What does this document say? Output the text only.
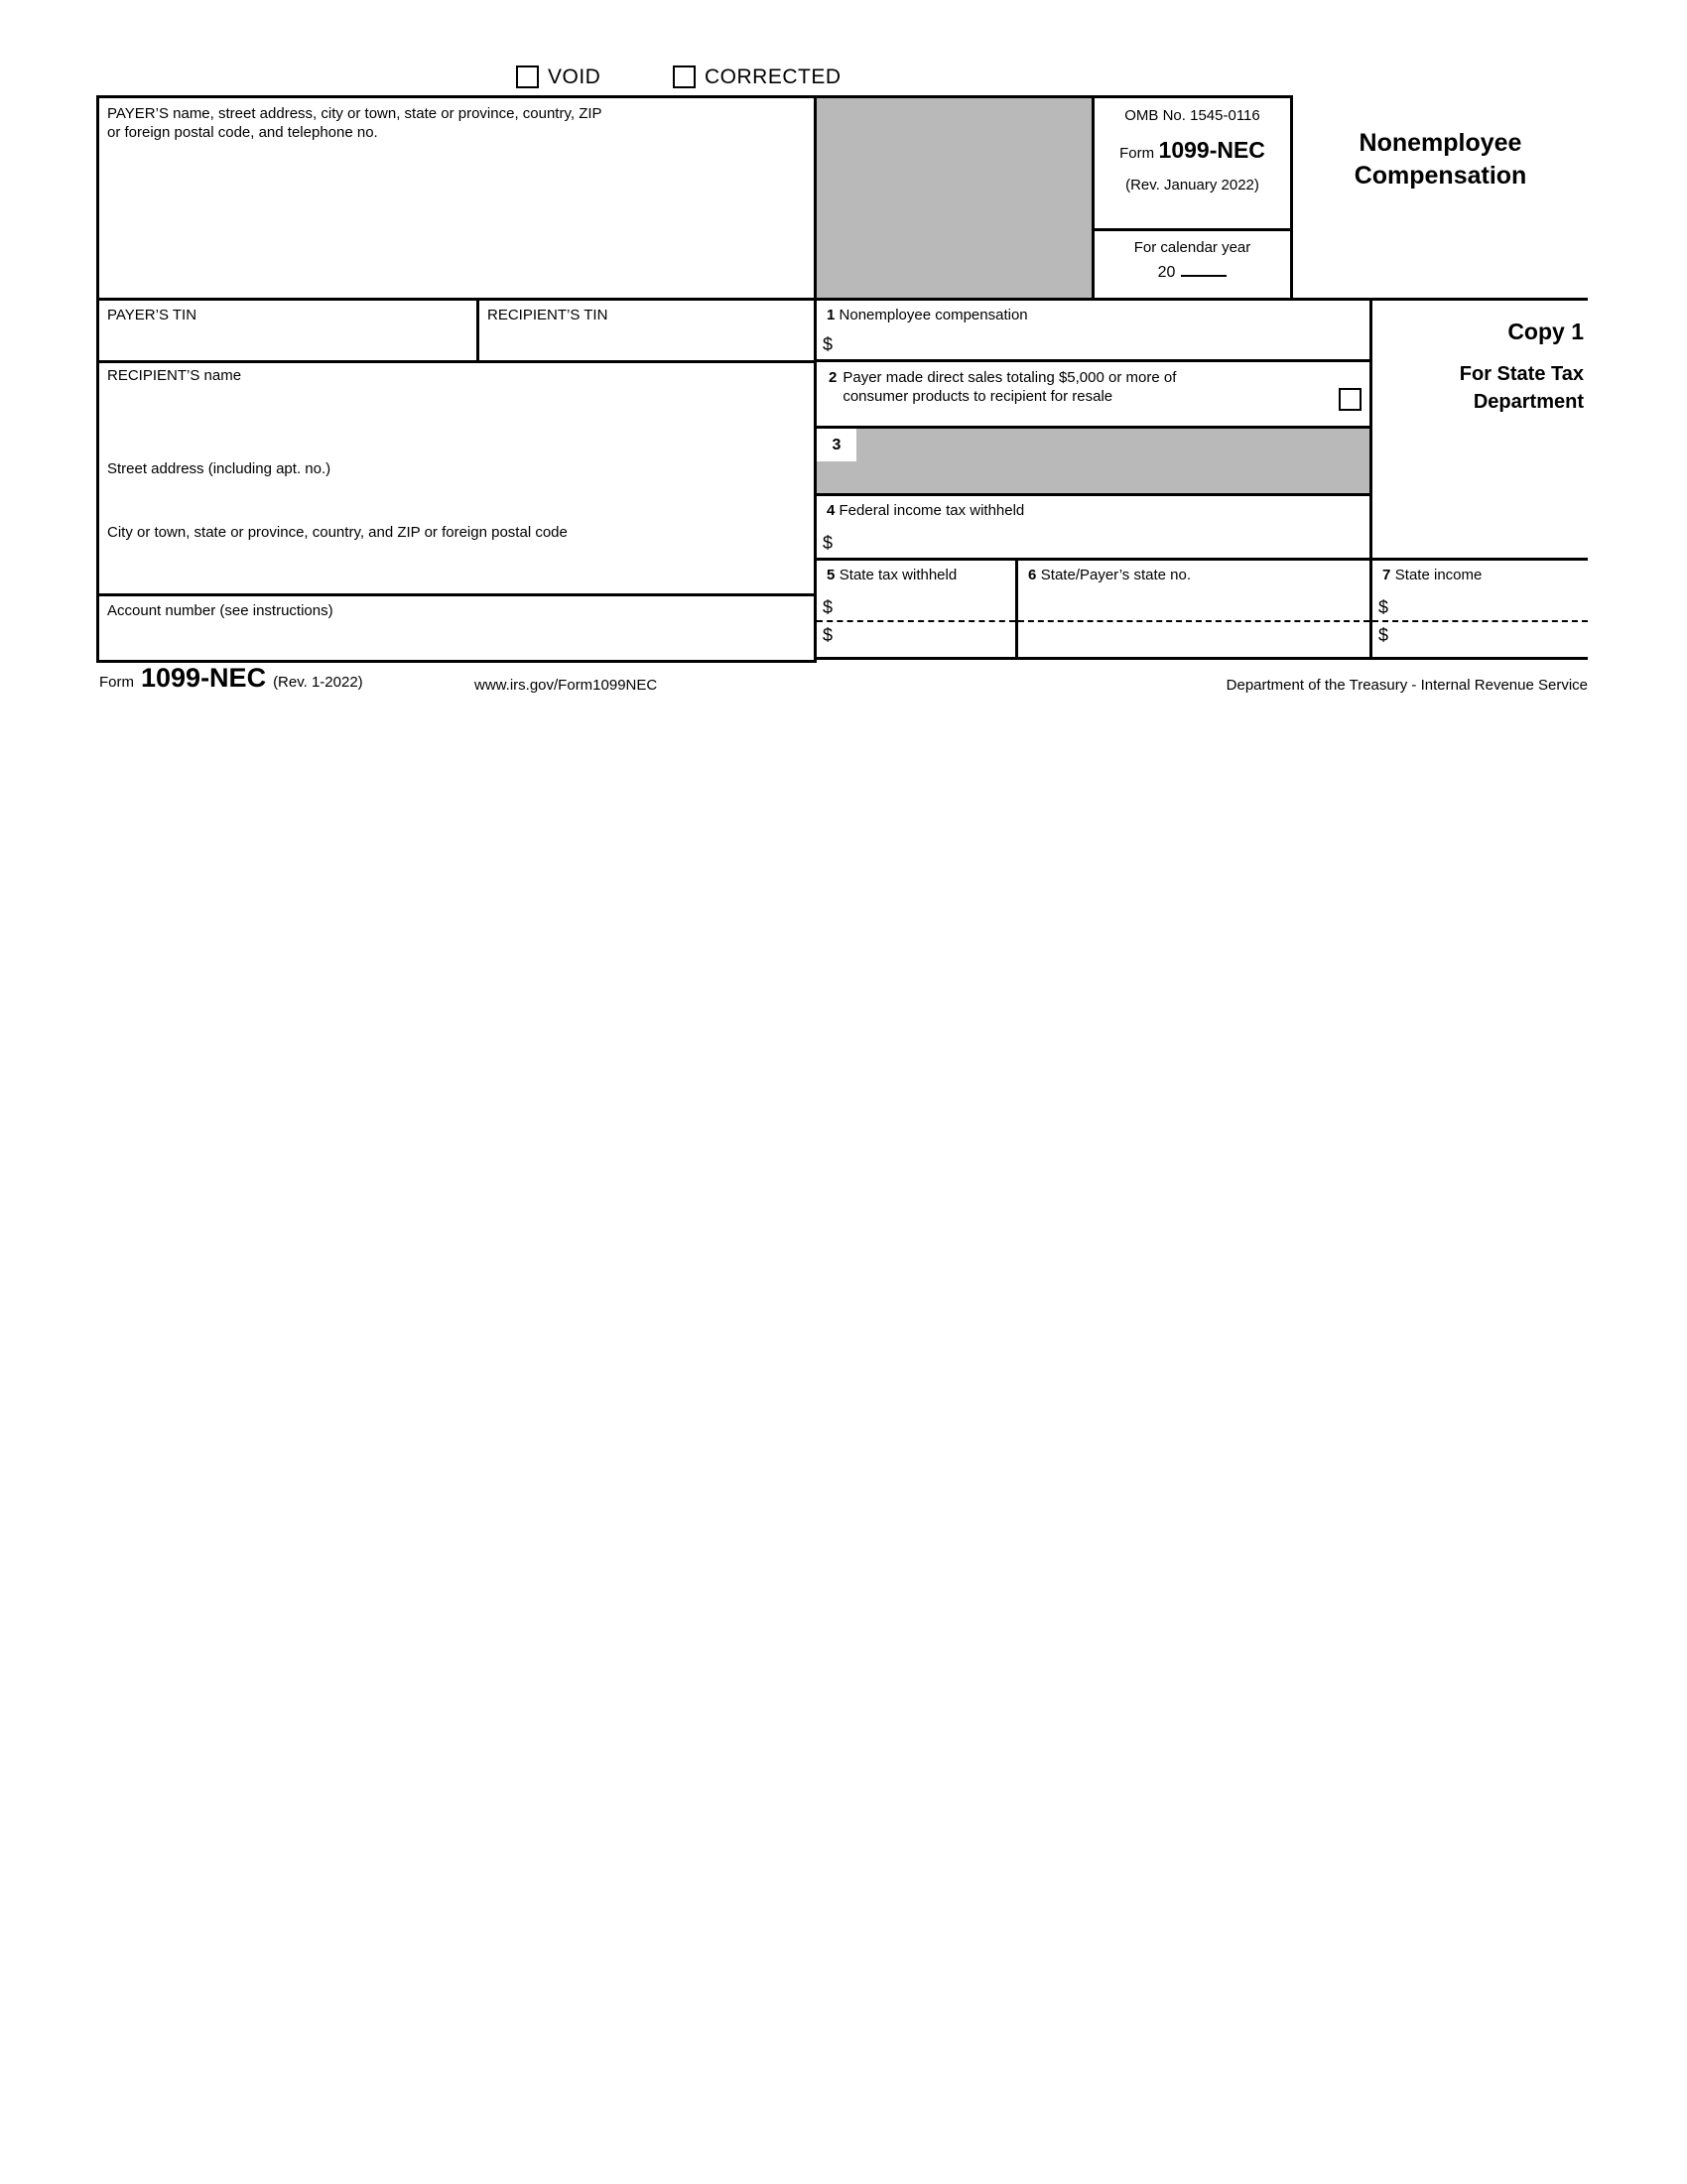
VOID	CORRECTED
PAYER’S name, street address, city or town, state or province, country, ZIP or foreign postal code, and telephone no.
OMB No. 1545-0116
Form 1099-NEC
(Rev. January 2022)
For calendar year
20
Nonemployee
Compensation
PAYER’S TIN	RECIPIENT’S TIN
RECIPIENT’S name
Street address (including apt. no.)
City or town, state or province, country, and ZIP or foreign postal code
Account number (see instructions)
1 Nonemployee compensation
$
2 Payer made direct sales totaling $5,000 or more of
consumer products to recipient for resale
3
4 Federal income tax withheld
$
5 State tax withheld
$
$
6 State/Payer’s state no.	7 State income
$
$
Copy 1
For State Tax
Department
Form 1099-NEC (Rev. 1-2022)	www.irs.gov/Form1099NEC	Department of the Treasury - Internal Revenue Service
